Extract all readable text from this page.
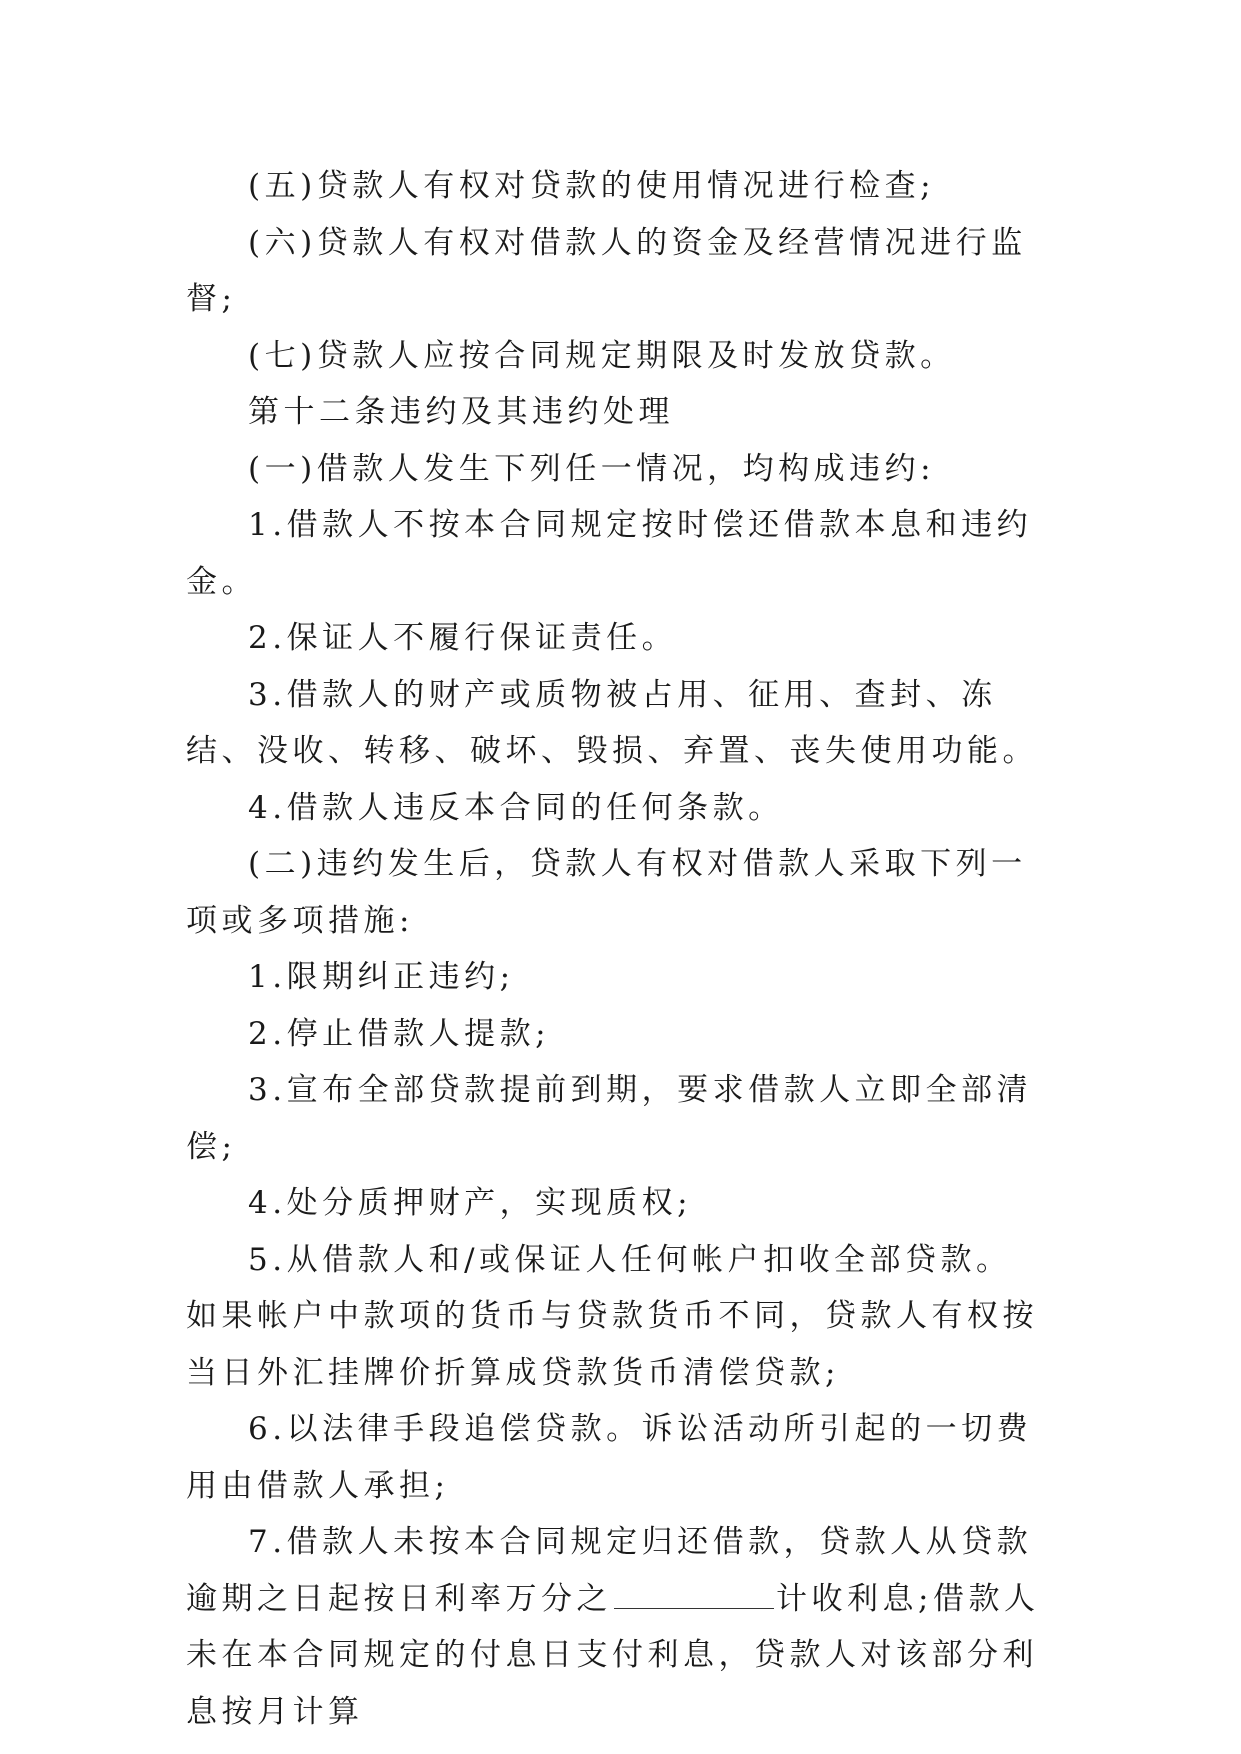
(五)贷款人有权对贷款的使用情况进行检查;

(六)贷款人有权对借款人的资金及经营情况进行监督;

(七)贷款人应按合同规定期限及时发放贷款。

第十二条违约及其违约处理

(一)借款人发生下列任一情况，均构成违约:

1.借款人不按本合同规定按时偿还借款本息和违约金。

2.保证人不履行保证责任。

3.借款人的财产或质物被占用、征用、查封、冻结、没收、转移、破坏、毁损、弃置、丧失使用功能。

4.借款人违反本合同的任何条款。

(二)违约发生后，贷款人有权对借款人采取下列一项或多项措施:

1.限期纠正违约;

2.停止借款人提款;

3.宣布全部贷款提前到期，要求借款人立即全部清偿;

4.处分质押财产，实现质权;

5.从借款人和/或保证人任何帐户扣收全部贷款。如果帐户中款项的货币与贷款货币不同，贷款人有权按当日外汇挂牌价折算成贷款货币清偿贷款;

6.以法律手段追偿贷款。诉讼活动所引起的一切费用由借款人承担;

7.借款人未按本合同规定归还借款，贷款人从贷款逾期之日起按日利率万分之	计收利息;借款人未在本合同规定的付息日支付利息，贷款人对该部分利息按月计算
